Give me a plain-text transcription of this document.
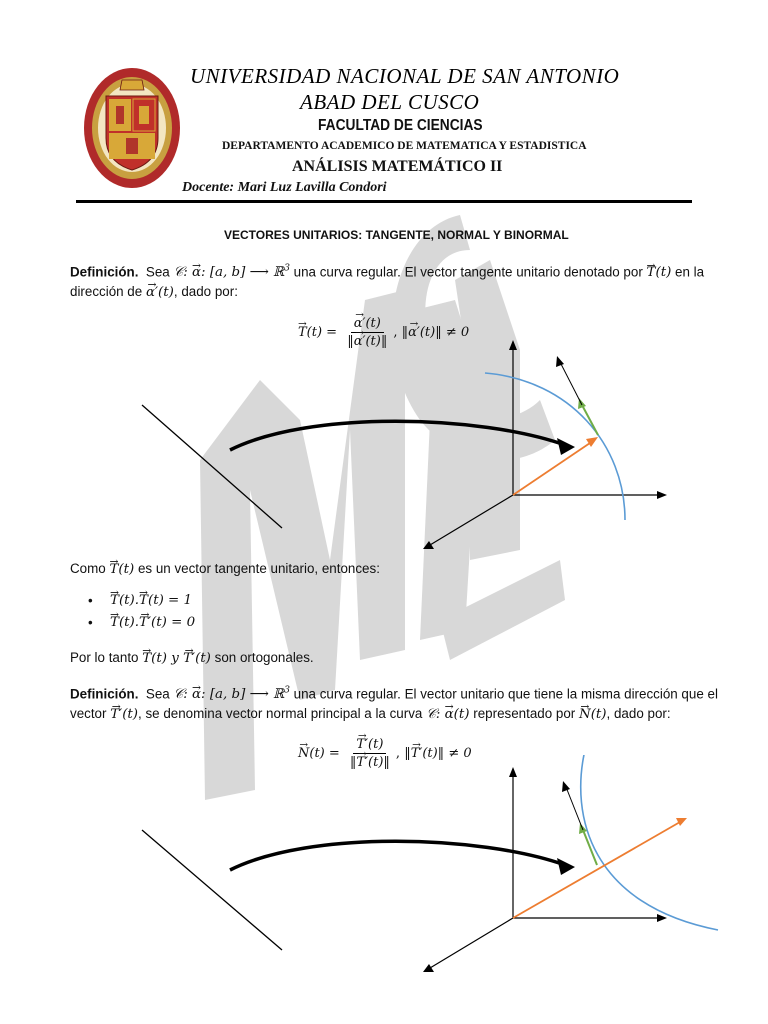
UNIVERSIDAD NACIONAL DE SAN ANTONIO
ABAD DEL CUSCO
FACULTAD DE CIENCIAS
DEPARTAMENTO ACADEMICO DE MATEMATICA Y ESTADISTICA
ANÁLISIS MATEMÁTICO II
Docente: Mari Luz Lavilla Condori
VECTORES UNITARIOS: TANGENTE, NORMAL Y BINORMAL
Definición. Sea 𝒞: → α: [a, b] ⟶ ℝ$^3$ una curva regular. El vector tangente unitario denotado por → T(t) en la
dirección de → α′(t), dado por:
→ T(t) = → $\frac{\alpha'(t)}{‖\to \alpha'(t)‖}$ , ‖→ α′(t)‖ ≠ 0
Como → T(t) es un vector tangente unitario, entonces:
• → T(t).→ T(t) = 1
• → T(t).→ T′(t) = 0
Por lo tanto → T(t) y → T′(t) son ortogonales.
Definición. Sea 𝒞: → α: [a, b] ⟶ ℝ$^3$ una curva regular. El vector unitario que tiene la misma dirección que el
vector → T′(t), se denomina vector normal principal a la curva 𝒞: → α(t) representado por → N(t), dado por:
→ N(t) = → $\frac{T'(t)}{‖\to T'(t)‖}$ , ‖→ T′(t)‖ ≠ 0
